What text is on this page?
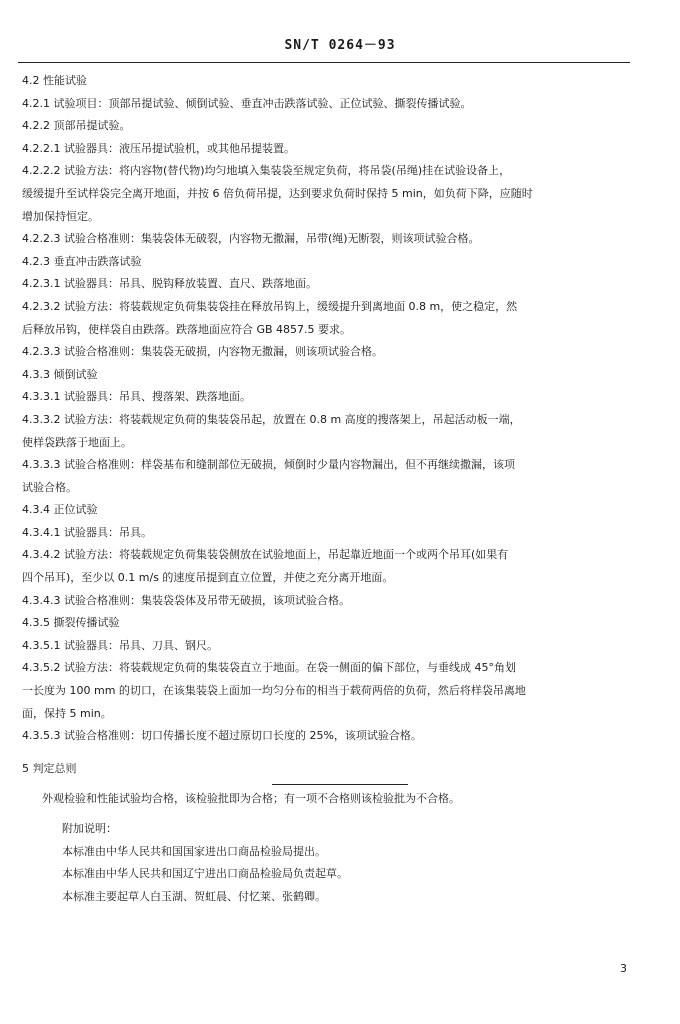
SN/T 0264－93

4.2 性能试验

4.2.1 试验项目：顶部吊提试验、倾倒试验、垂直冲击跌落试验、正位试验、撕裂传播试验。

4.2.2 顶部吊提试验。

4.2.2.1 试验器具：液压吊提试验机，或其他吊提装置。

4.2.2.2 试验方法：将内容物(替代物)均匀地填入集装袋至规定负荷，将吊袋(吊绳)挂在试验设备上，

缓缓提升至试样袋完全离开地面，并按 6 倍负荷吊提，达到要求负荷时保持 5 min，如负荷下降，应随时

增加保持恒定。

4.2.2.3 试验合格准则：集装袋体无破裂，内容物无撒漏，吊带(绳)无断裂，则该项试验合格。

4.2.3 垂直冲击跌落试验

4.2.3.1 试验器具：吊具、脱钩释放装置、直尺、跌落地面。

4.2.3.2 试验方法：将装载规定负荷集装袋挂在释放吊钩上，缓缓提升到离地面 0.8 m，使之稳定，然

后释放吊钩，使样袋自由跌落。跌落地面应符合 GB 4857.5 要求。

4.2.3.3 试验合格准则：集装袋无破损，内容物无撒漏，则该项试验合格。

4.3.3 倾倒试验

4.3.3.1 试验器具：吊具、搜落架、跌落地面。

4.3.3.2 试验方法：将装载规定负荷的集装袋吊起，放置在 0.8 m 高度的搜落架上，吊起活动板一端，

使样袋跌落于地面上。

4.3.3.3 试验合格准则：样袋基布和缝制部位无破损，倾倒时少量内容物漏出，但不再继续撒漏，该项

试验合格。

4.3.4 正位试验

4.3.4.1 试验器具：吊具。

4.3.4.2 试验方法：将装载规定负荷集装袋侧放在试验地面上，吊起靠近地面一个或两个吊耳(如果有

四个吊耳)，至少以 0.1 m/s 的速度吊提到直立位置，并使之充分离开地面。

4.3.4.3 试验合格准则：集装袋袋体及吊带无破损，该项试验合格。

4.3.5 撕裂传播试验

4.3.5.1 试验器具：吊具、刀具、钢尺。

4.3.5.2 试验方法：将装载规定负荷的集装袋直立于地面。在袋一侧面的偏下部位，与垂线成 45°角划

一长度为 100 mm 的切口，在该集装袋上面加一均匀分布的相当于载荷两倍的负荷，然后将样袋吊离地

面，保持 5 min。

4.3.5.3 试验合格准则：切口传播长度不超过原切口长度的 25%，该项试验合格。

5 判定总则

外观检验和性能试验均合格，该检验批即为合格；有一项不合格则该检验批为不合格。

附加说明：

本标准由中华人民共和国国家进出口商品检验局提出。

本标准由中华人民共和国辽宁进出口商品检验局负责起草。

本标准主要起草人白玉湖、贺虹晨、付忆莱、张鹤卿。

3
